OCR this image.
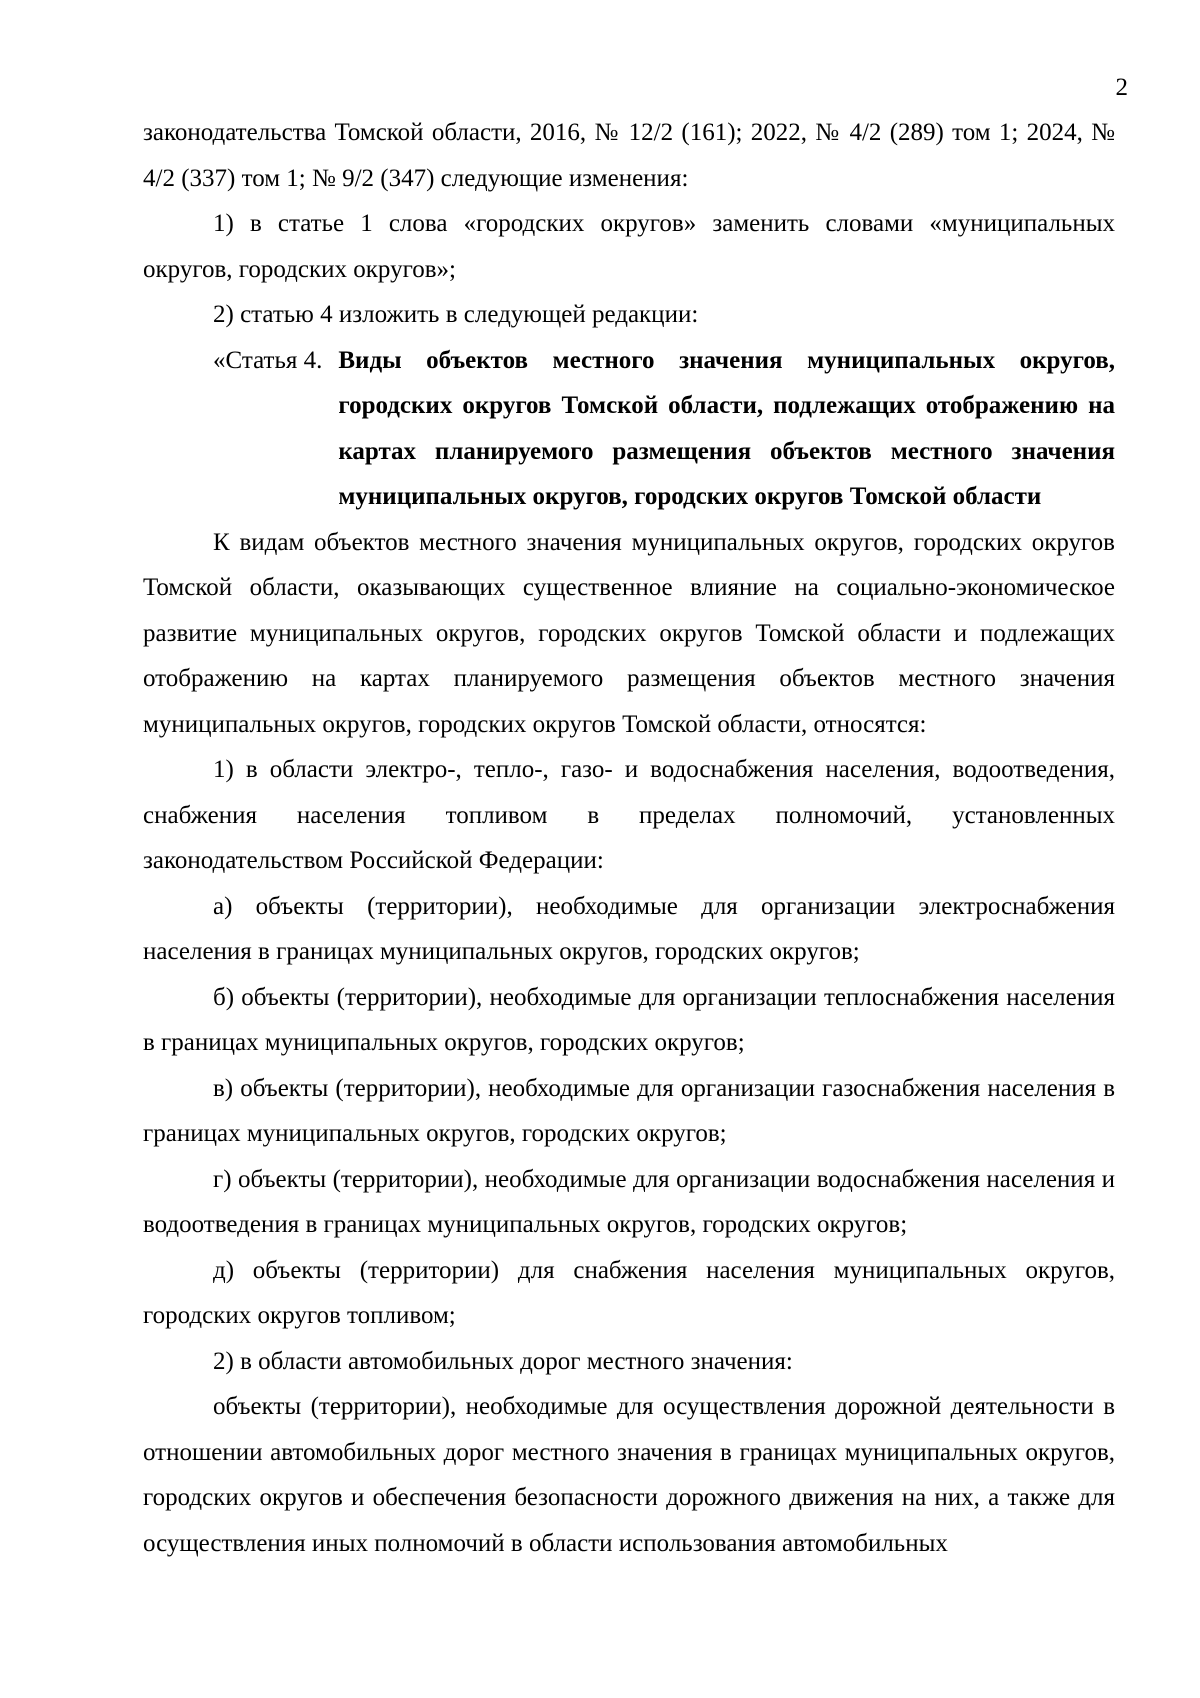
2

законодательства Томской области, 2016, № 12/2 (161); 2022, № 4/2 (289) том 1; 2024, № 4/2 (337) том 1; № 9/2 (347) следующие изменения:

1) в статье 1 слова «городских округов» заменить словами «муниципальных округов, городских округов»;

2) статью 4 изложить в следующей редакции:

«Статья 4. Виды объектов местного значения муниципальных округов, городских округов Томской области, подлежащих отображению на картах планируемого размещения объектов местного значения муниципальных округов, городских округов Томской области

К видам объектов местного значения муниципальных округов, городских округов Томской области, оказывающих существенное влияние на социально-экономическое развитие муниципальных округов, городских округов Томской области и подлежащих отображению на картах планируемого размещения объектов местного значения муниципальных округов, городских округов Томской области, относятся:

1) в области электро-, тепло-, газо- и водоснабжения населения, водоотведения, снабжения населения топливом в пределах полномочий, установленных законодательством Российской Федерации:

а) объекты (территории), необходимые для организации электроснабжения населения в границах муниципальных округов, городских округов;

б) объекты (территории), необходимые для организации теплоснабжения населения в границах муниципальных округов, городских округов;

в) объекты (территории), необходимые для организации газоснабжения населения в границах муниципальных округов, городских округов;

г) объекты (территории), необходимые для организации водоснабжения населения и водоотведения в границах муниципальных округов, городских округов;

д) объекты (территории) для снабжения населения муниципальных округов, городских округов топливом;

2) в области автомобильных дорог местного значения:

объекты (территории), необходимые для осуществления дорожной деятельности в отношении автомобильных дорог местного значения в границах муниципальных округов, городских округов и обеспечения безопасности дорожного движения на них, а также для осуществления иных полномочий в области использования автомобильных
